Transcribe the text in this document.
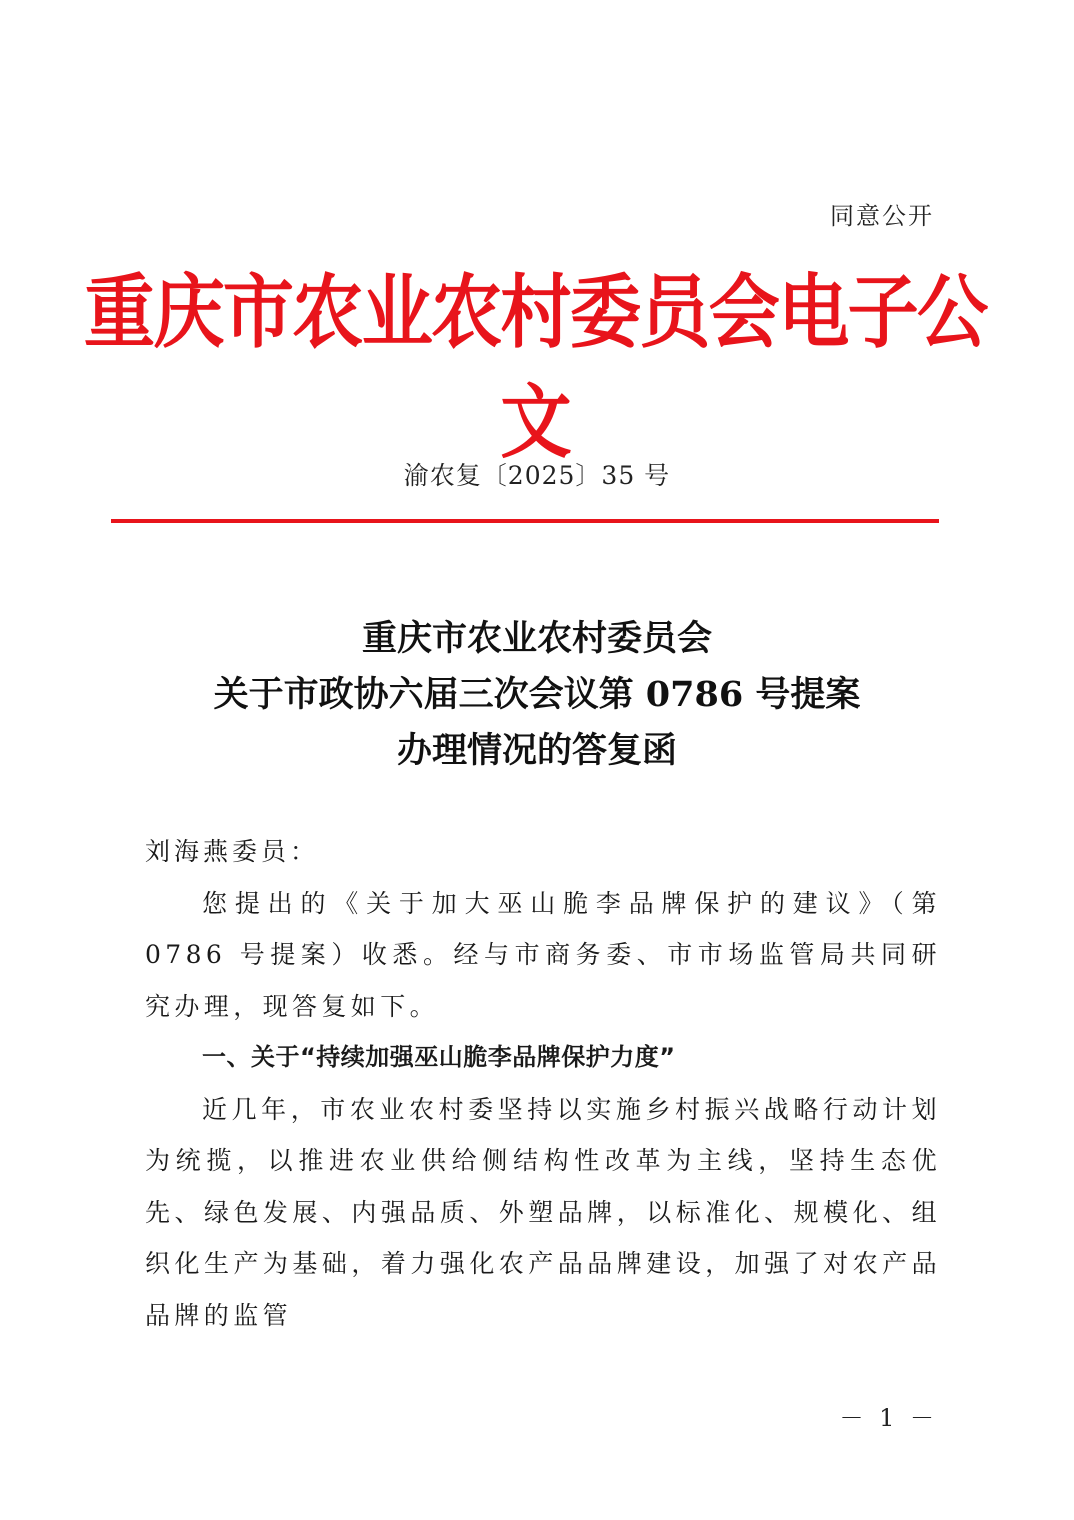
同意公开
重庆市农业农村委员会电子公文
渝农复〔2025〕35 号
重庆市农业农村委员会
关于市政协六届三次会议第 0786 号提案
办理情况的答复函

刘海燕委员：

您提出的《关于加大巫山脆李品牌保护的建议》（第 0786 号提案）收悉。经与市商务委、市市场监管局共同研究办理，现答复如下。

一、关于“持续加强巫山脆李品牌保护力度”

近几年，市农业农村委坚持以实施乡村振兴战略行动计划为统揽，以推进农业供给侧结构性改革为主线，坚持生态优先、绿色发展、内强品质、外塑品牌，以标准化、规模化、组织化生产为基础，着力强化农产品品牌建设，加强了对农产品品牌的监管

－ 1 －
